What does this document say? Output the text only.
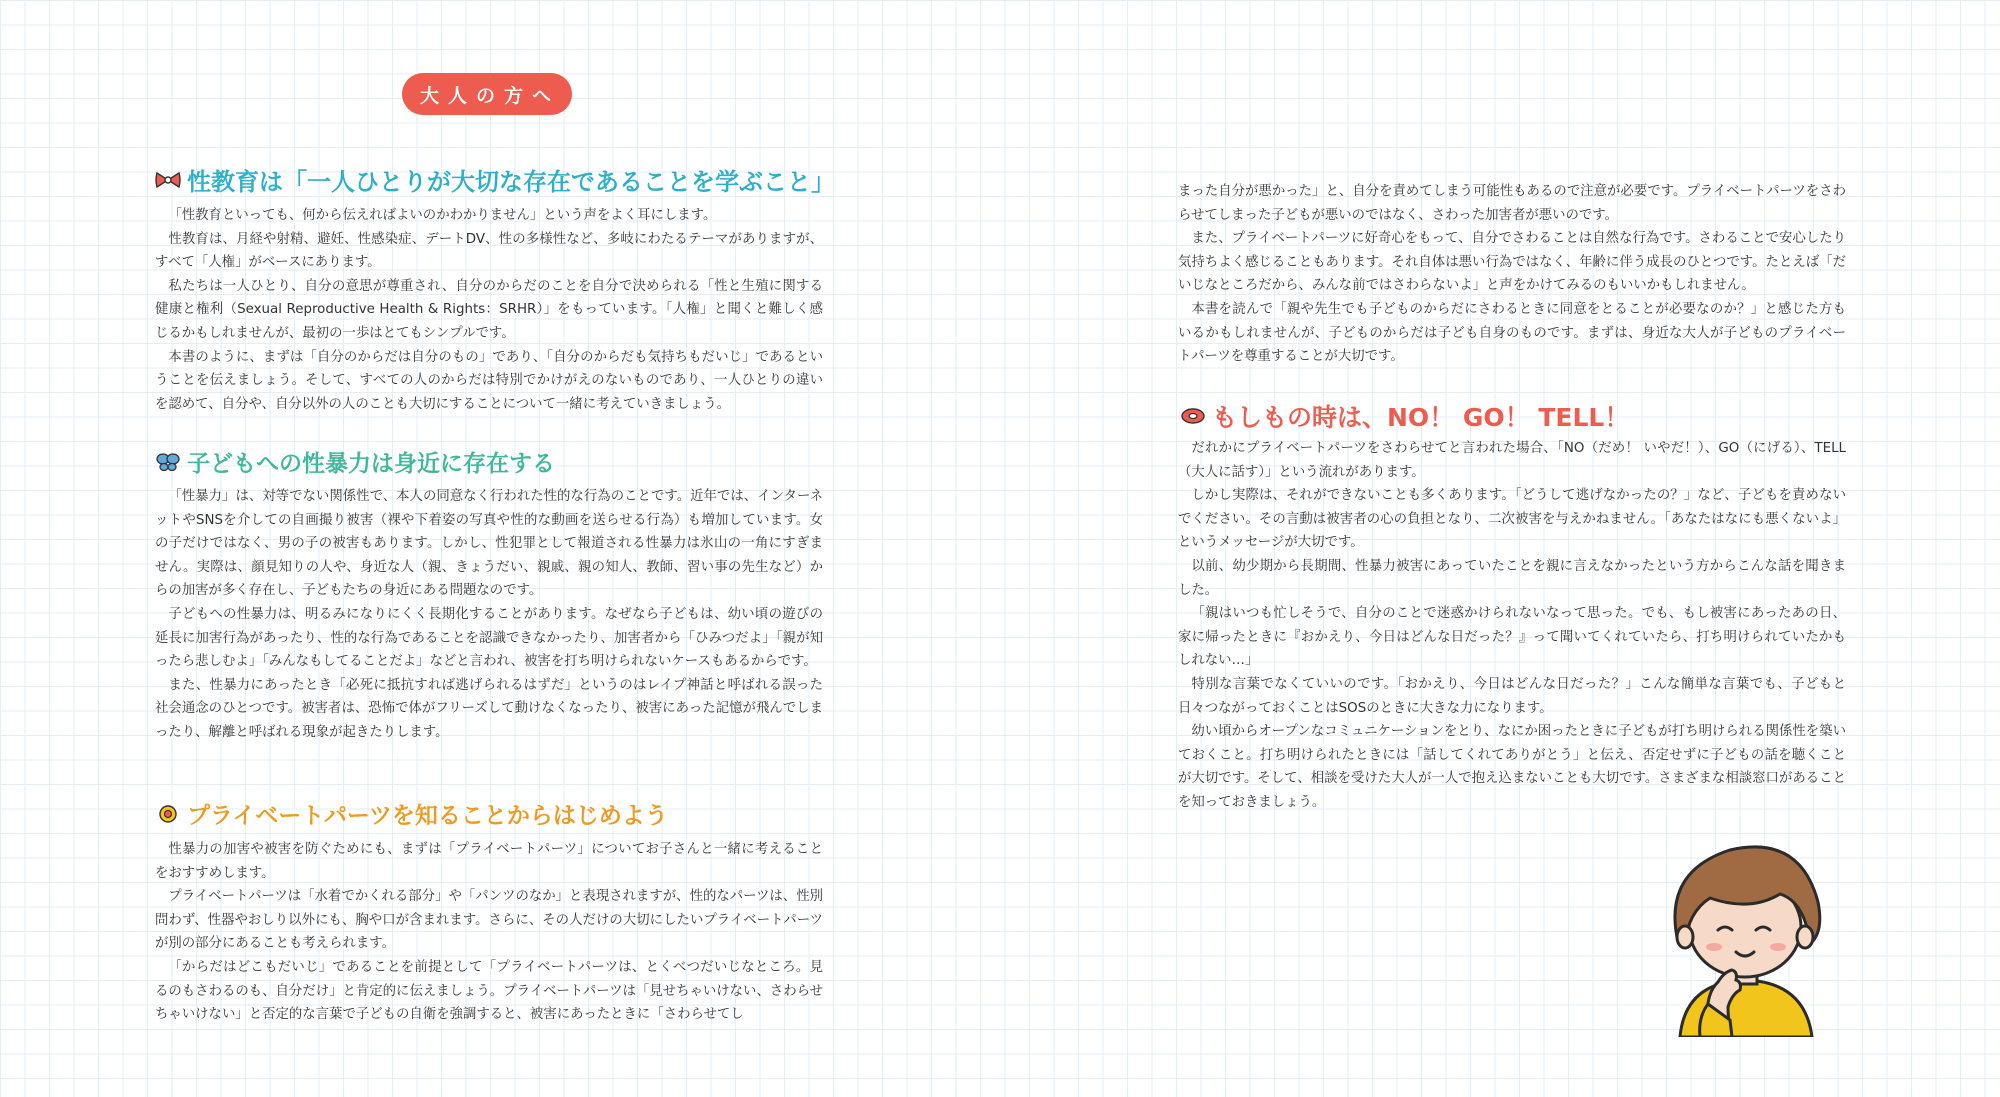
大人の方へ
性教育は「一人ひとりが大切な存在であることを学ぶこと」

「性教育といっても、何から伝えればよいのかわかりません」という声をよく耳にします。

性教育は、月経や射精、避妊、性感染症、デートDV、性の多様性など、多岐にわたるテーマがありますが、すべて「人権」がベースにあります。

私たちは一人ひとり、自分の意思が尊重され、自分のからだのことを自分で決められる「性と生殖に関する健康と権利（Sexual Reproductive Health & Rights：SRHR）」をもっています。「人権」と聞くと難しく感じるかもしれませんが、最初の一歩はとてもシンプルです。

本書のように、まずは「自分のからだは自分のもの」であり、「自分のからだも気持ちもだいじ」であるということを伝えましょう。そして、すべての人のからだは特別でかけがえのないものであり、一人ひとりの違いを認めて、自分や、自分以外の人のことも大切にすることについて一緒に考えていきましょう。

子どもへの性暴力は身近に存在する

「性暴力」は、対等でない関係性で、本人の同意なく行われた性的な行為のことです。近年では、インターネットやSNSを介しての自画撮り被害（裸や下着姿の写真や性的な動画を送らせる行為）も増加しています。女の子だけではなく、男の子の被害もあります。しかし、性犯罪として報道される性暴力は氷山の一角にすぎません。実際は、顔見知りの人や、身近な人（親、きょうだい、親戚、親の知人、教師、習い事の先生など）からの加害が多く存在し、子どもたちの身近にある問題なのです。

子どもへの性暴力は、明るみになりにくく長期化することがあります。なぜなら子どもは、幼い頃の遊びの延長に加害行為があったり、性的な行為であることを認識できなかったり、加害者から「ひみつだよ」「親が知ったら悲しむよ」「みんなもしてることだよ」などと言われ、被害を打ち明けられないケースもあるからです。

また、性暴力にあったとき「必死に抵抗すれば逃げられるはずだ」というのはレイプ神話と呼ばれる誤った社会通念のひとつです。被害者は、恐怖で体がフリーズして動けなくなったり、被害にあった記憶が飛んでしまったり、解離と呼ばれる現象が起きたりします。

プライベートパーツを知ることからはじめよう

性暴力の加害や被害を防ぐためにも、まずは「プライベートパーツ」についてお子さんと一緒に考えることをおすすめします。

プライベートパーツは「水着でかくれる部分」や「パンツのなか」と表現されますが、性的なパーツは、性別問わず、性器やおしり以外にも、胸や口が含まれます。さらに、その人だけの大切にしたいプライベートパーツが別の部分にあることも考えられます。

「からだはどこもだいじ」であることを前提として「プライベートパーツは、とくべつだいじなところ。見るのもさわるのも、自分だけ」と肯定的に伝えましょう。プライベートパーツは「見せちゃいけない、さわらせちゃいけない」と否定的な言葉で子どもの自衛を強調すると、被害にあったときに「さわらせてし

まった自分が悪かった」と、自分を責めてしまう可能性もあるので注意が必要です。プライベートパーツをさわらせてしまった子どもが悪いのではなく、さわった加害者が悪いのです。

また、プライベートパーツに好奇心をもって、自分でさわることは自然な行為です。さわることで安心したり気持ちよく感じることもあります。それ自体は悪い行為ではなく、年齢に伴う成長のひとつです。たとえば「だいじなところだから、みんな前ではさわらないよ」と声をかけてみるのもいいかもしれません。

本書を読んで「親や先生でも子どものからだにさわるときに同意をとることが必要なのか？」と感じた方もいるかもしれませんが、子どものからだは子ども自身のものです。まずは、身近な大人が子どものプライベートパーツを尊重することが大切です。

もしもの時は、NO！ GO！ TELL！

だれかにプライベートパーツをさわらせてと言われた場合、「NO（だめ！ いやだ！）、GO（にげる）、TELL（大人に話す）」という流れがあります。

しかし実際は、それができないことも多くあります。「どうして逃げなかったの？」など、子どもを責めないでください。その言動は被害者の心の負担となり、二次被害を与えかねません。「あなたはなにも悪くないよ」というメッセージが大切です。

以前、幼少期から長期間、性暴力被害にあっていたことを親に言えなかったという方からこんな話を聞きました。

「親はいつも忙しそうで、自分のことで迷惑かけられないなって思った。でも、もし被害にあったあの日、家に帰ったときに『おかえり、今日はどんな日だった？』って聞いてくれていたら、打ち明けられていたかもしれない…」

特別な言葉でなくていいのです。「おかえり、今日はどんな日だった？」こんな簡単な言葉でも、子どもと日々つながっておくことはSOSのときに大きな力になります。

幼い頃からオープンなコミュニケーションをとり、なにか困ったときに子どもが打ち明けられる関係性を築いておくこと。打ち明けられたときには「話してくれてありがとう」と伝え、否定せずに子どもの話を聴くことが大切です。そして、相談を受けた大人が一人で抱え込まないことも大切です。さまざまな相談窓口があることを知っておきましょう。
